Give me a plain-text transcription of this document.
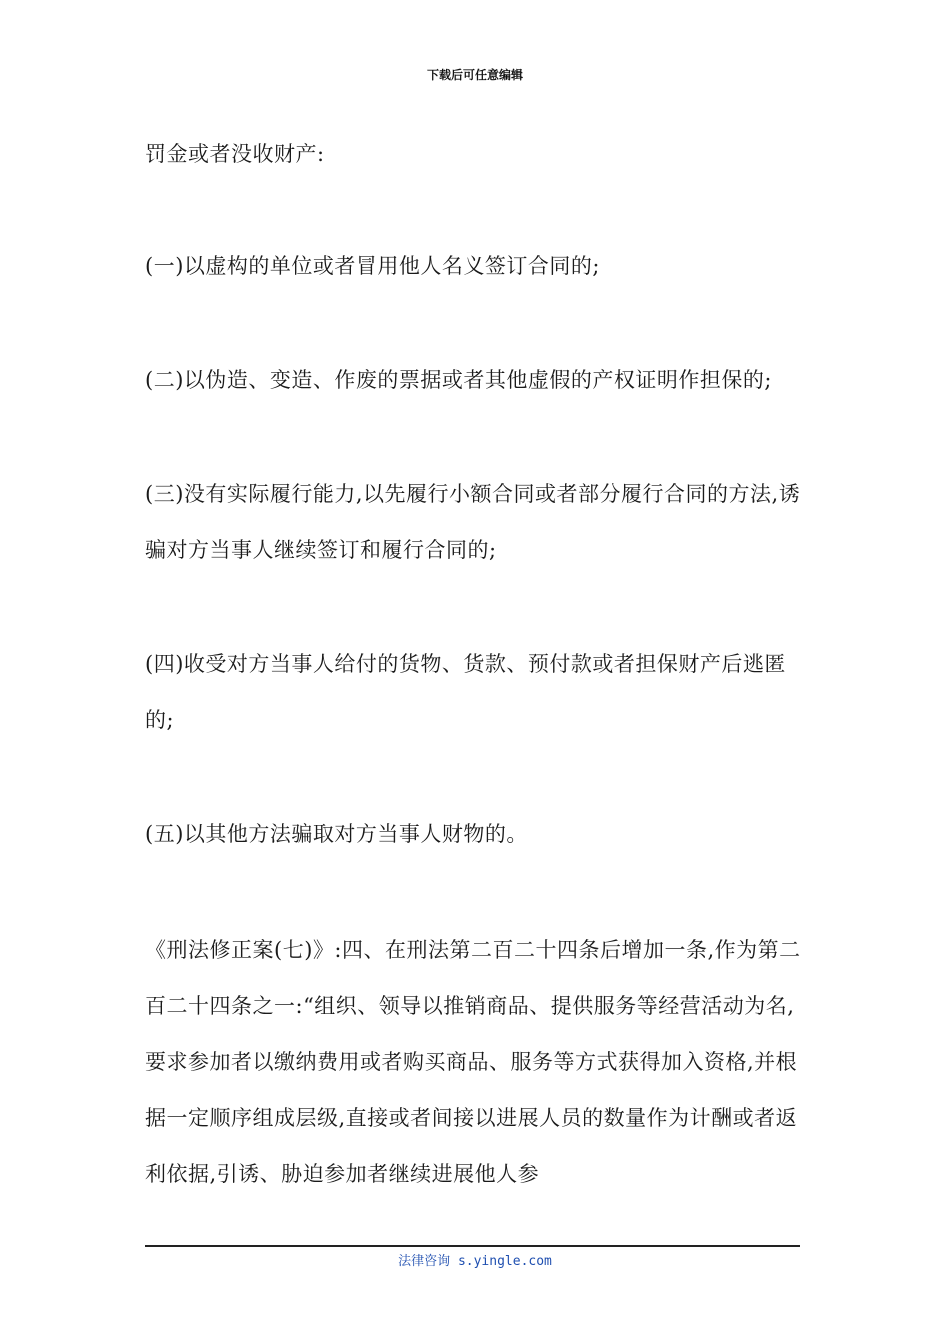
下载后可任意编辑
罚金或者没收财产:
(一)以虚构的单位或者冒用他人名义签订合同的;
(二)以伪造、变造、作废的票据或者其他虚假的产权证明作担保的;
(三)没有实际履行能力,以先履行小额合同或者部分履行合同的方法,诱骗对方当事人继续签订和履行合同的;
(四)收受对方当事人给付的货物、货款、预付款或者担保财产后逃匿的;
(五)以其他方法骗取对方当事人财物的。
《刑法修正案(七)》:四、在刑法第二百二十四条后增加一条,作为第二百二十四条之一:“组织、领导以推销商品、提供服务等经营活动为名,要求参加者以缴纳费用或者购买商品、服务等方式获得加入资格,并根据一定顺序组成层级,直接或者间接以进展人员的数量作为计酬或者返利依据,引诱、胁迫参加者继续进展他人参
法律咨询 s.yingle.com
